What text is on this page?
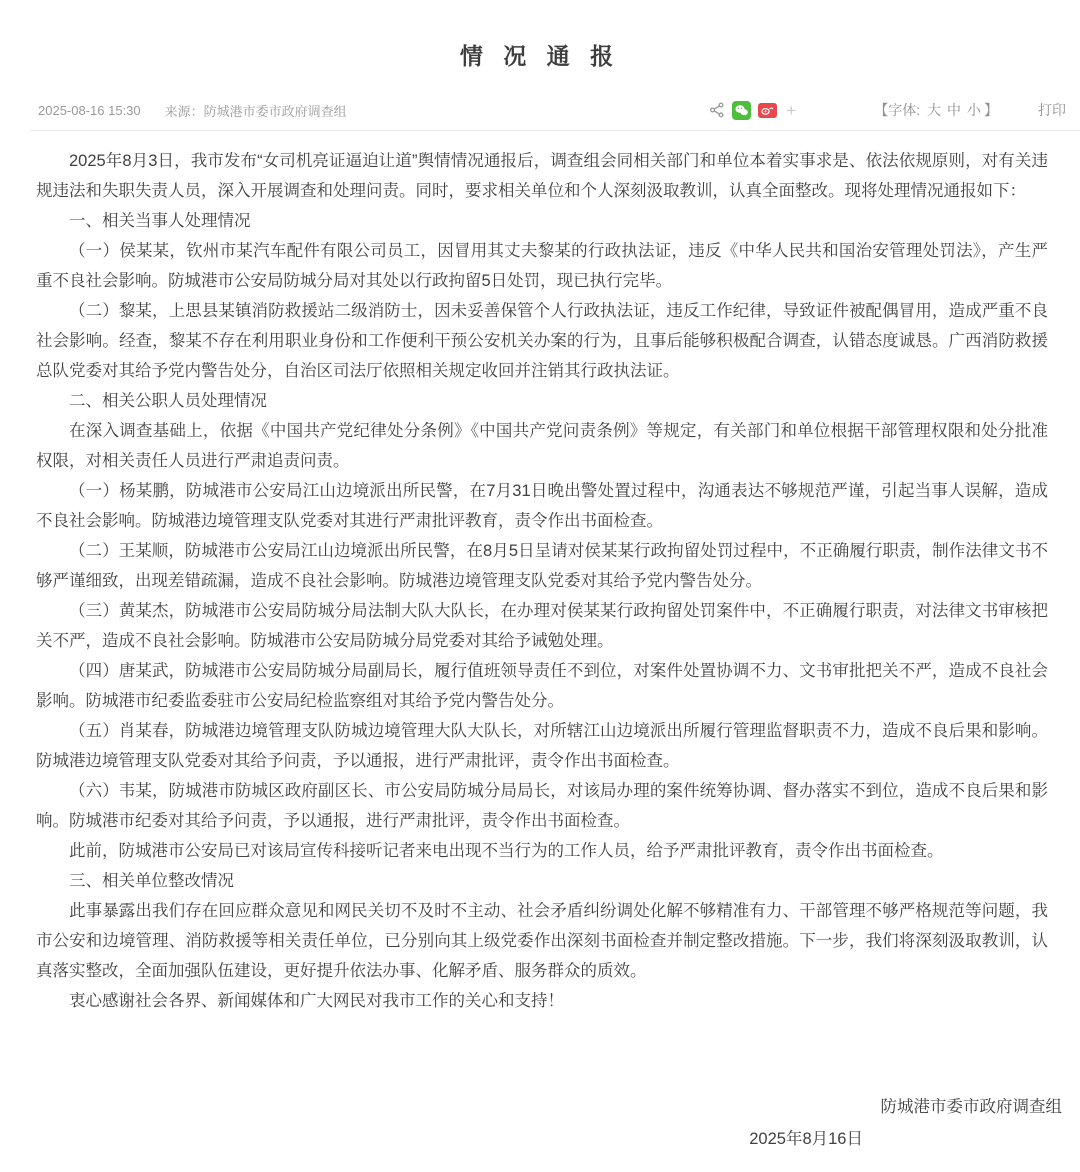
情 况 通 报
2025-08-16 15:30 来源：防城港市委市政府调查组	+	【字体: 大 中 小 】	打印

2025年8月3日，我市发布“女司机亮证逼迫让道”舆情情况通报后，调查组会同相关部门和单位本着实事求是、依法依规原则，对有关违规违法和失职失责人员，深入开展调查和处理问责。同时，要求相关单位和个人深刻汲取教训，认真全面整改。现将处理情况通报如下：

一、相关当事人处理情况

（一）侯某某，钦州市某汽车配件有限公司员工，因冒用其丈夫黎某的行政执法证，违反《中华人民共和国治安管理处罚法》，产生严重不良社会影响。防城港市公安局防城分局对其处以行政拘留5日处罚，现已执行完毕。

（二）黎某，上思县某镇消防救援站二级消防士，因未妥善保管个人行政执法证，违反工作纪律，导致证件被配偶冒用，造成严重不良社会影响。经查，黎某不存在利用职业身份和工作便利干预公安机关办案的行为，且事后能够积极配合调查，认错态度诚恳。广西消防救援总队党委对其给予党内警告处分，自治区司法厅依照相关规定收回并注销其行政执法证。

二、相关公职人员处理情况

在深入调查基础上，依据《中国共产党纪律处分条例》《中国共产党问责条例》等规定，有关部门和单位根据干部管理权限和处分批准权限，对相关责任人员进行严肃追责问责。

（一）杨某鹏，防城港市公安局江山边境派出所民警，在7月31日晚出警处置过程中，沟通表达不够规范严谨，引起当事人误解，造成不良社会影响。防城港边境管理支队党委对其进行严肃批评教育，责令作出书面检查。

（二）王某顺，防城港市公安局江山边境派出所民警，在8月5日呈请对侯某某行政拘留处罚过程中，不正确履行职责，制作法律文书不够严谨细致，出现差错疏漏，造成不良社会影响。防城港边境管理支队党委对其给予党内警告处分。

（三）黄某杰，防城港市公安局防城分局法制大队大队长，在办理对侯某某行政拘留处罚案件中，不正确履行职责，对法律文书审核把关不严，造成不良社会影响。防城港市公安局防城分局党委对其给予诫勉处理。

（四）唐某武，防城港市公安局防城分局副局长，履行值班领导责任不到位，对案件处置协调不力、文书审批把关不严，造成不良社会影响。防城港市纪委监委驻市公安局纪检监察组对其给予党内警告处分。

（五）肖某春，防城港边境管理支队防城边境管理大队大队长，对所辖江山边境派出所履行管理监督职责不力，造成不良后果和影响。防城港边境管理支队党委对其给予问责，予以通报，进行严肃批评，责令作出书面检查。

（六）韦某，防城港市防城区政府副区长、市公安局防城分局局长，对该局办理的案件统筹协调、督办落实不到位，造成不良后果和影响。防城港市纪委对其给予问责，予以通报，进行严肃批评，责令作出书面检查。

此前，防城港市公安局已对该局宣传科接听记者来电出现不当行为的工作人员，给予严肃批评教育，责令作出书面检查。

三、相关单位整改情况

此事暴露出我们存在回应群众意见和网民关切不及时不主动、社会矛盾纠纷调处化解不够精准有力、干部管理不够严格规范等问题，我市公安和边境管理、消防救援等相关责任单位，已分别向其上级党委作出深刻书面检查并制定整改措施。下一步，我们将深刻汲取教训，认真落实整改，全面加强队伍建设，更好提升依法办事、化解矛盾、服务群众的质效。

衷心感谢社会各界、新闻媒体和广大网民对我市工作的关心和支持！

防城港市委市政府调查组
2025年8月16日
